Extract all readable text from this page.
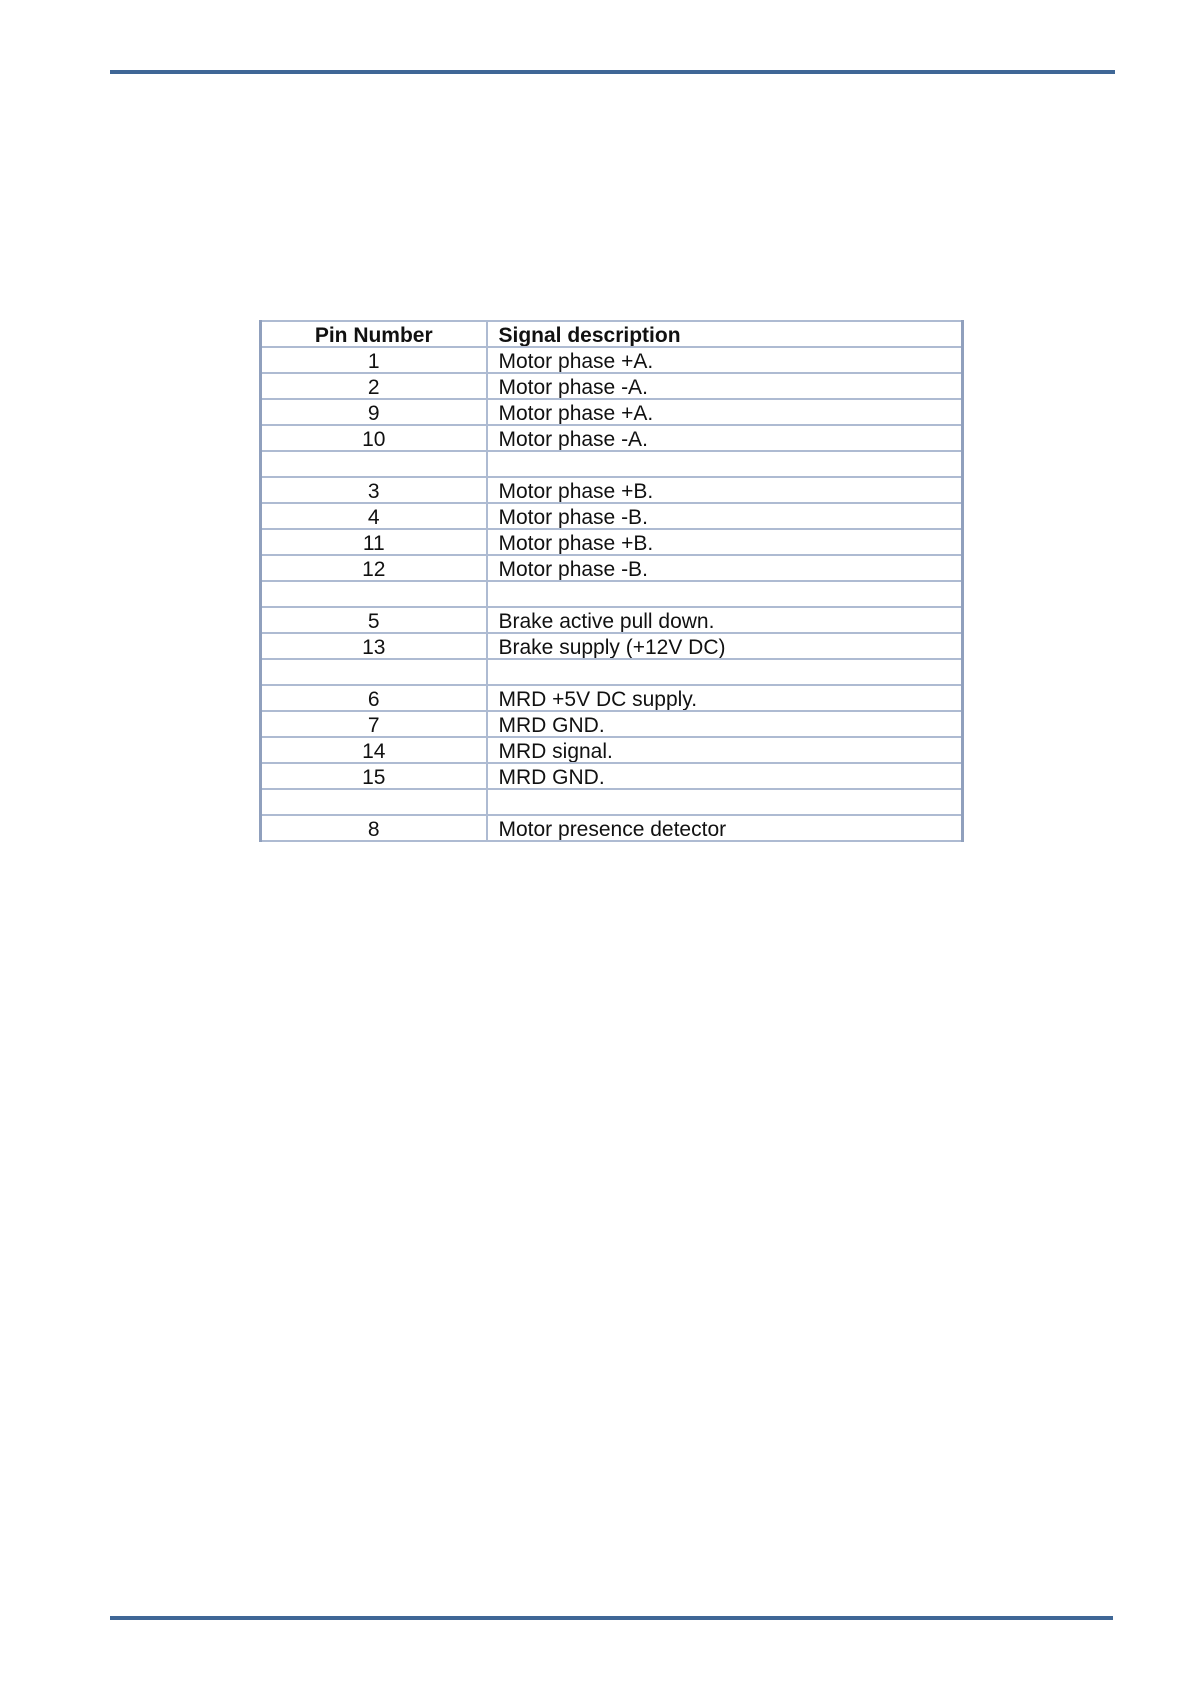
Pin Number	Signal description
1	Motor phase +A.
2	Motor phase -A.
9	Motor phase +A.
10	Motor phase -A.

3	Motor phase +B.
4	Motor phase -B.
11	Motor phase +B.
12	Motor phase -B.

5	Brake active pull down.
13	Brake supply (+12V DC)

6	MRD +5V DC supply.
7	MRD GND.
14	MRD signal.
15	MRD GND.

8	Motor presence detector
